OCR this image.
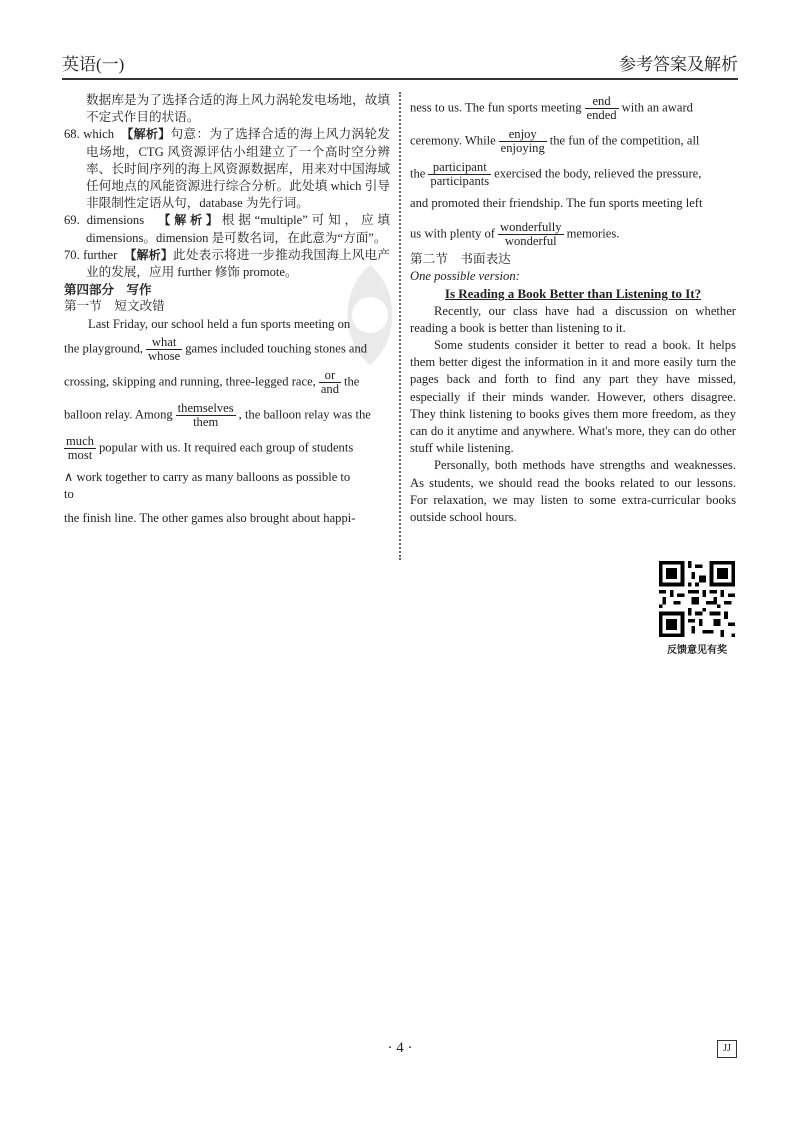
英语(一)	参考答案及解析

数据库是为了选择合适的海上风力涡轮发电场地，故填不定式作目的状语。

68. which　 【解析】句意：为了选择合适的海上风力涡轮发电场地，CTG 风资源评估小组建立了一个高时空分辨率、长时间序列的海上风资源数据库，用来对中国海域任何地点的风能资源进行综合分析。此处填 which 引导非限制性定语从句，database 为先行词。

69. dimensions　 【解析】根据“multiple”可知，应填 dimensions。dimension 是可数名词，在此意为“方面”。

70. further　 【解析】此处表示将进一步推动我国海上风电产业的发展，应用 further 修饰 promote。

第四部分　写作

第一节　短文改错

Last Friday, our school held a fun sports meeting on

the playground, what
whose
games included touching stones and

crossing, skipping and running, three-legged race, or
and
the

balloon relay. Among themselves
them
, the balloon relay was the

much
most
popular with us. It required each group of students

∧ work together to carry as many balloons as possible to

to

the finish line. The other games also brought about happi-

ness to us. The fun sports meeting end
ended
with an award

ceremony. While	enjoy
enjoying
the fun of the competition, all

the participant
participants
exercised the body, relieved the pressure,

and promoted their friendship. The fun sports meeting left

us with plenty of wonderfully
wonderful
memories.

第二节　书面表达

One possible version:

Is Reading a Book Better than Listening to It?

Recently, our class have had a discussion on whether reading a book is better than listening to it.

Some students consider it better to read a book. It helps them better digest the information in it and more easily turn the pages back and forth to find any part they have missed, especially if their minds wander. However, others disagree. They think listening to books gives them more freedom, as they can do it anytime and anywhere. What's more, they can do other stuff while listening.

Personally, both methods have strengths and weaknesses. As students, we should read the books related to our lessons. For relaxation, we may listen to some extra-curricular books outside school hours.

反馈意见有奖
· 4 ·	JJ
